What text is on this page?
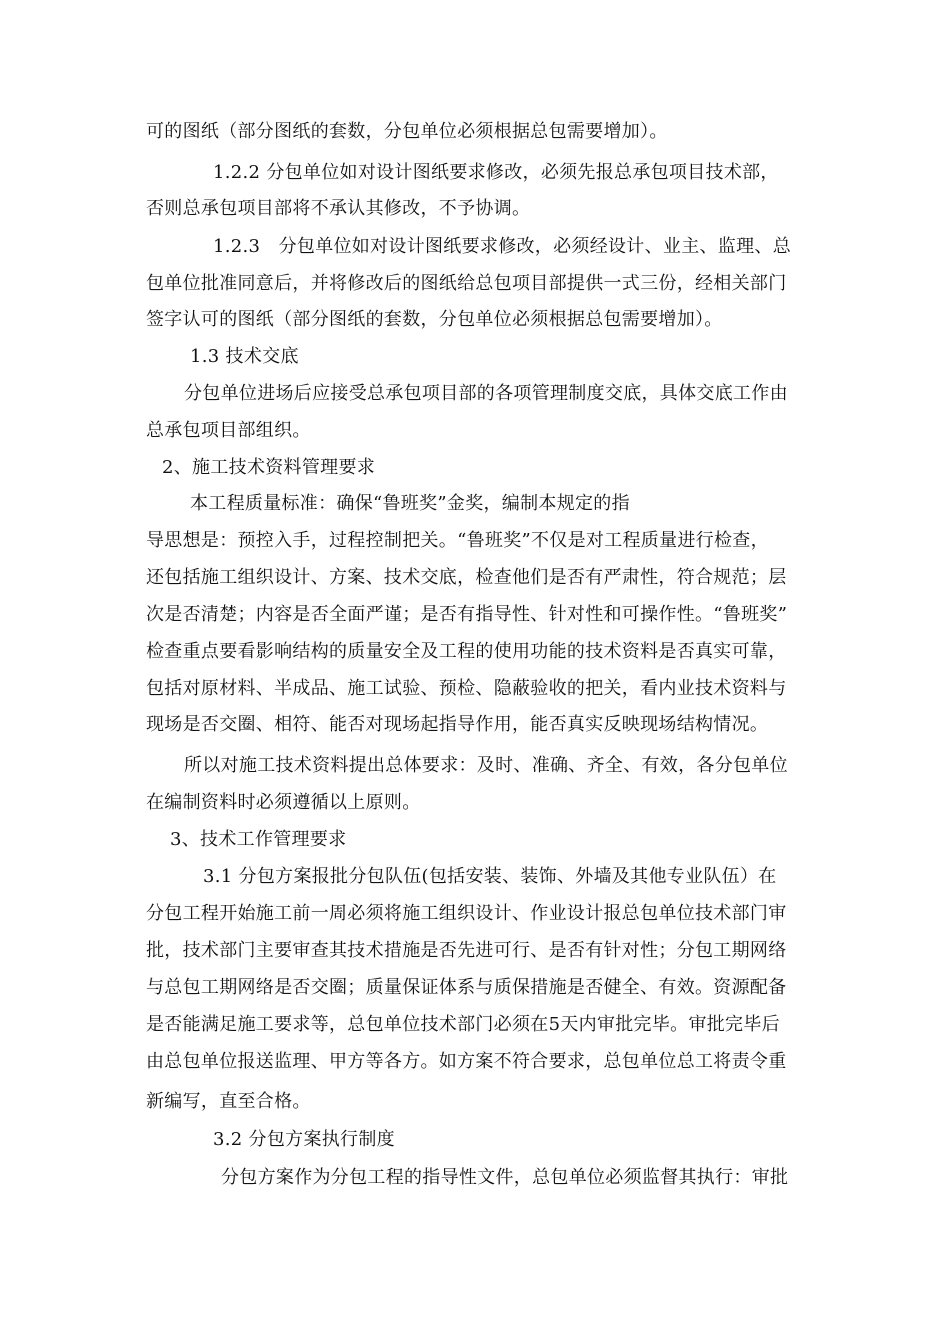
可的图纸（部分图纸的套数，分包单位必须根据总包需要增加）。
1.2.2 分包单位如对设计图纸要求修改，必须先报总承包项目技术部，
否则总承包项目部将不承认其修改，不予协调。
1.2.3　分包单位如对设计图纸要求修改，必须经设计、业主、监理、总
包单位批准同意后，并将修改后的图纸给总包项目部提供一式三份，经相关部门
签字认可的图纸（部分图纸的套数，分包单位必须根据总包需要增加）。
1.3 技术交底
分包单位进场后应接受总承包项目部的各项管理制度交底，具体交底工作由
总承包项目部组织。
2、施工技术资料管理要求
本工程质量标准：确保“鲁班奖”金奖，编制本规定的指
导思想是：预控入手，过程控制把关。“鲁班奖”不仅是对工程质量进行检查，
还包括施工组织设计、方案、技术交底，检查他们是否有严肃性，符合规范；层
次是否清楚；内容是否全面严谨；是否有指导性、针对性和可操作性。“鲁班奖”
检查重点要看影响结构的质量安全及工程的使用功能的技术资料是否真实可靠，
包括对原材料、半成品、施工试验、预检、隐蔽验收的把关，看内业技术资料与
现场是否交圈、相符、能否对现场起指导作用，能否真实反映现场结构情况。
所以对施工技术资料提出总体要求：及时、准确、齐全、有效，各分包单位
在编制资料时必须遵循以上原则。
3、技术工作管理要求
3.1 分包方案报批分包队伍(包括安装、装饰、外墙及其他专业队伍）在
分包工程开始施工前一周必须将施工组织设计、作业设计报总包单位技术部门审
批，技术部门主要审查其技术措施是否先进可行、是否有针对性；分包工期网络
与总包工期网络是否交圈；质量保证体系与质保措施是否健全、有效。资源配备
是否能满足施工要求等，总包单位技术部门必须在5天内审批完毕。审批完毕后
由总包单位报送监理、甲方等各方。如方案不符合要求，总包单位总工将责令重
新编写，直至合格。
3.2 分包方案执行制度
分包方案作为分包工程的指导性文件，总包单位必须监督其执行：审批
